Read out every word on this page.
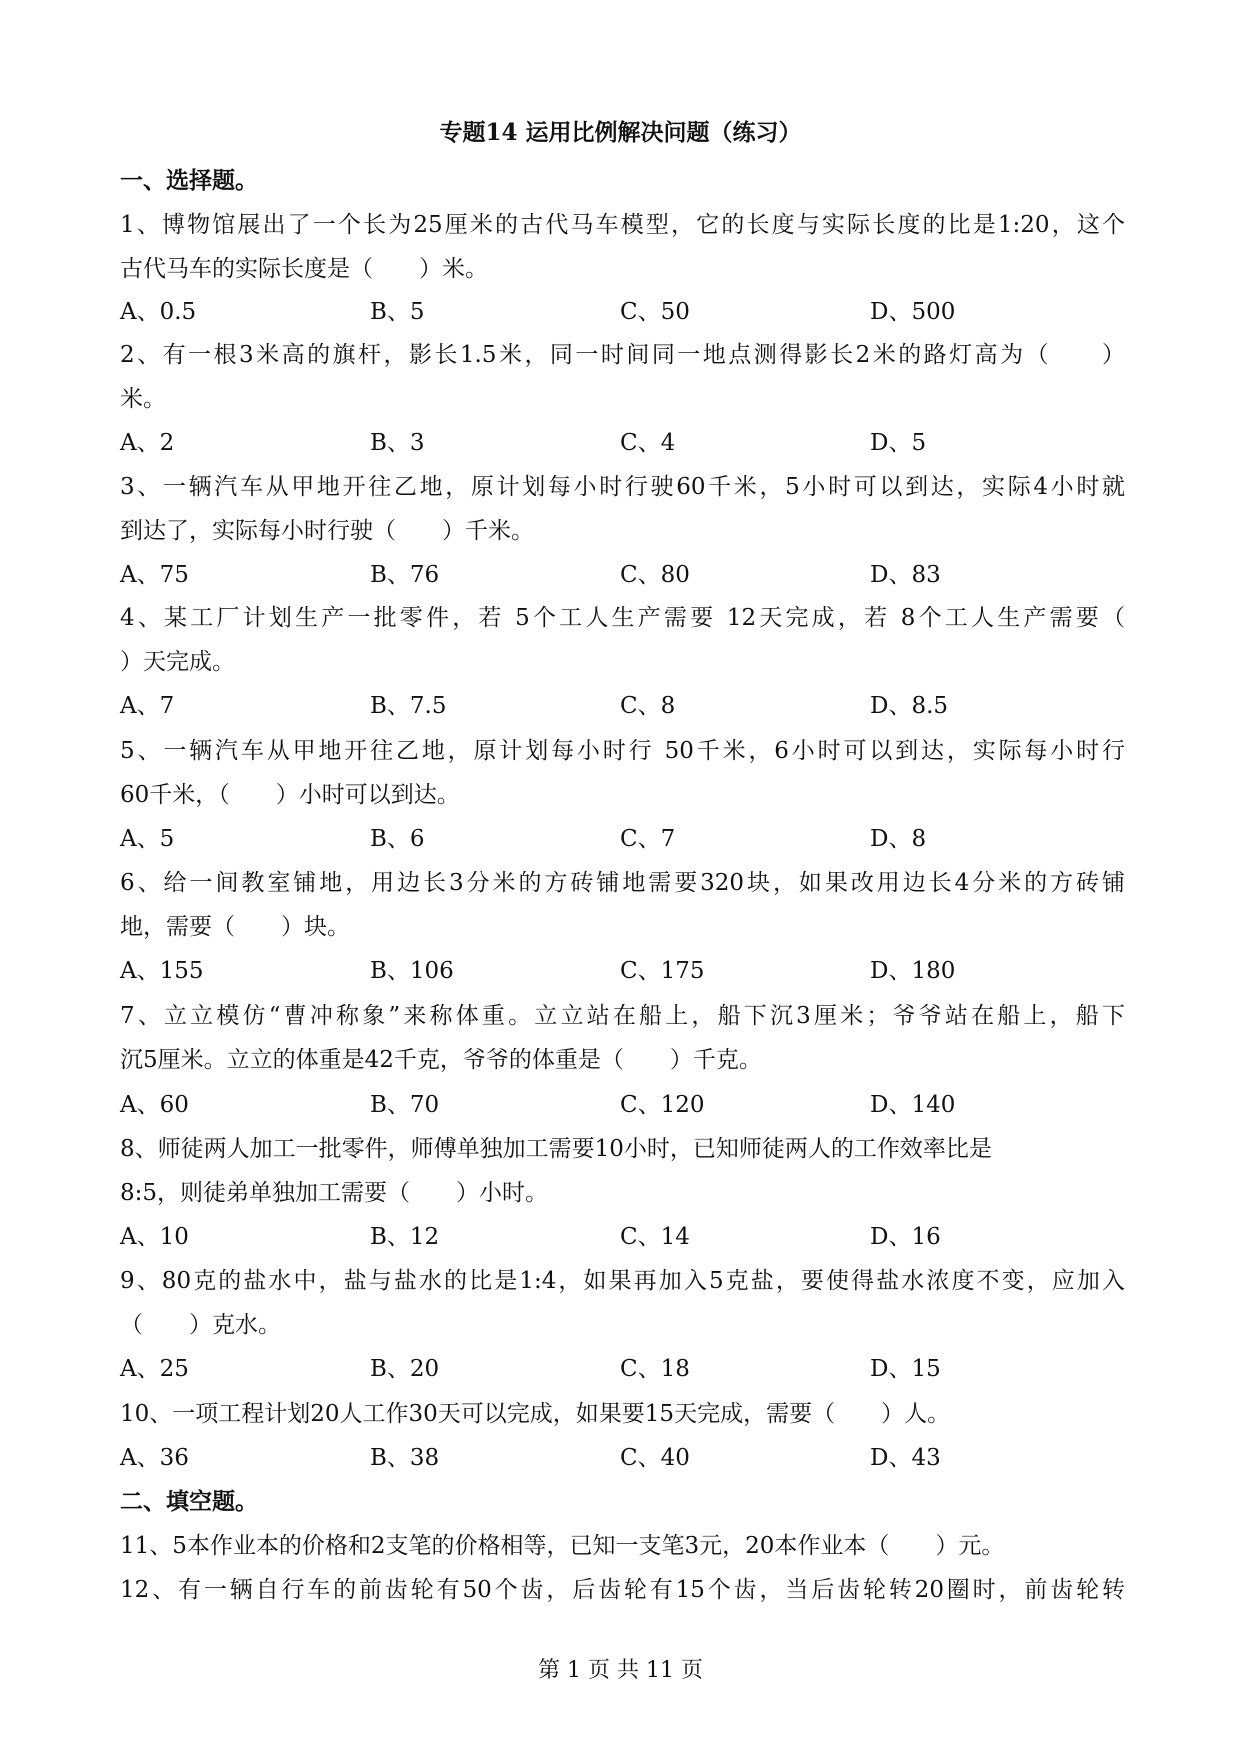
专题14 运用比例解决问题（练习）
一、选择题。
1、博物馆展出了一个长为25厘米的古代马车模型，它的长度与实际长度的比是1:20，这个
古代马车的实际长度是（　　）米。
A、0.5	B、5	C、50	D、500
2、有一根3米高的旗杆，影长1.5米，同一时间同一地点测得影长2米的路灯高为（　　）
米。
A、2	B、3	C、4	D、5
3、一辆汽车从甲地开往乙地，原计划每小时行驶60千米，5小时可以到达，实际4小时就
到达了，实际每小时行驶（　　）千米。
A、75	B、76	C、80	D、83
4、某工厂计划生产一批零件，若 5个工人生产需要 12天完成，若 8个工人生产需要（
）天完成。
A、7	B、7.5	C、8	D、8.5
5、一辆汽车从甲地开往乙地，原计划每小时行 50千米，6小时可以到达，实际每小时行
60千米，（　　）小时可以到达。
A、5	B、6	C、7	D、8
6、给一间教室铺地，用边长3分米的方砖铺地需要320块，如果改用边长4分米的方砖铺
地，需要（　　）块。
A、155	B、106	C、175	D、180
7、立立模仿“曹冲称象”来称体重。立立站在船上，船下沉3厘米；爷爷站在船上，船下
沉5厘米。立立的体重是42千克，爷爷的体重是（　　）千克。
A、60	B、70	C、120	D、140
8、师徒两人加工一批零件，师傅单独加工需要10小时，已知师徒两人的工作效率比是
8:5，则徒弟单独加工需要（　　）小时。
A、10	B、12	C、14	D、16
9、80克的盐水中，盐与盐水的比是1:4，如果再加入5克盐，要使得盐水浓度不变，应加入
（　　）克水。
A、25	B、20	C、18	D、15
10、一项工程计划20人工作30天可以完成，如果要15天完成，需要（　　）人。
A、36	B、38	C、40	D、43
二、填空题。
11、5本作业本的价格和2支笔的价格相等，已知一支笔3元，20本作业本（　　）元。
12、有一辆自行车的前齿轮有50个齿，后齿轮有15个齿，当后齿轮转20圈时，前齿轮转
第 1 页 共 11 页
